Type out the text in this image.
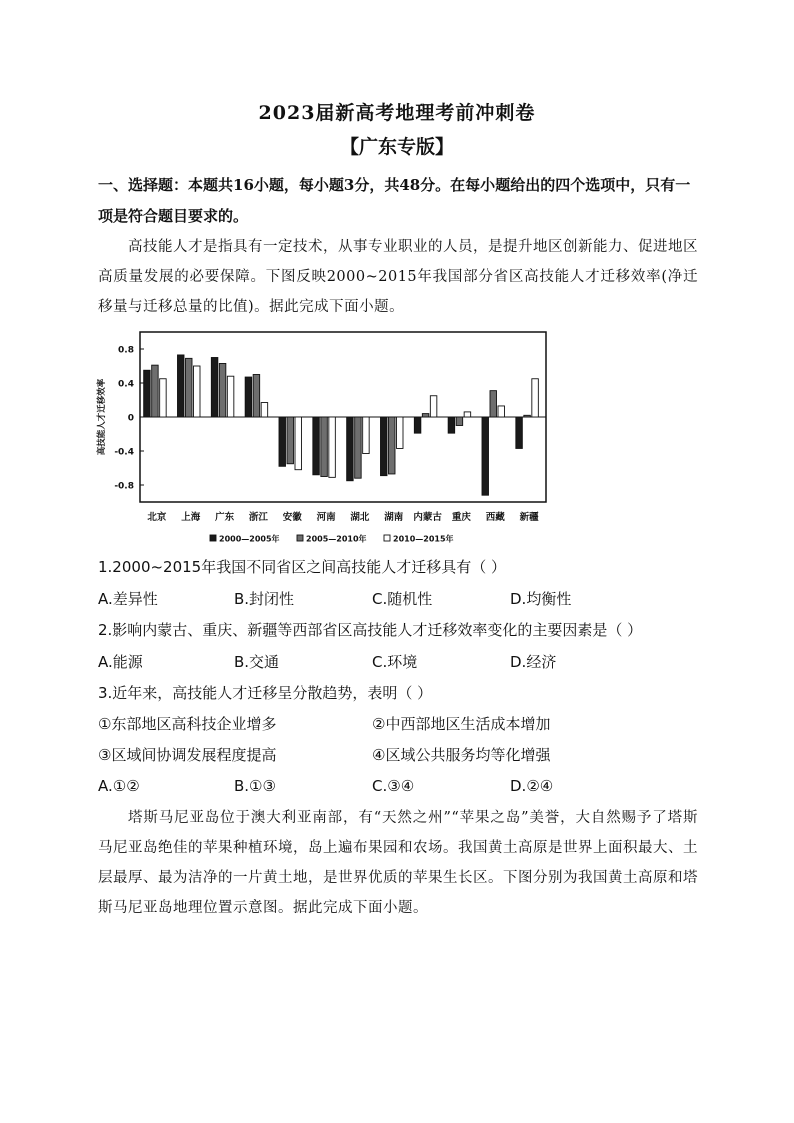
2023届新高考地理考前冲刺卷
【广东专版】
一、选择题：本题共16小题，每小题3分，共48分。在每小题给出的四个选项中，只有一项是符合题目要求的。
高技能人才是指具有一定技术，从事专业职业的人员，是提升地区创新能力、促进地区高质量发展的必要保障。下图反映2000~2015年我国部分省区高技能人才迁移效率(净迁移量与迁移总量的比值)。据此完成下面小题。
0.8
0.4
0
-0.4
-0.8
高技能人才迁移效率
北京 上海 广东 浙江 安徽 河南 湖北 湖南 内蒙古 重庆 西藏 新疆
2000—2005年	2005—2010年	2010—2015年
1.2000~2015年我国不同省区之间高技能人才迁移具有（ ）
A.差异性	B.封闭性	C.随机性	D.均衡性
2.影响内蒙古、重庆、新疆等西部省区高技能人才迁移效率变化的主要因素是（ ）
A.能源	B.交通	C.环境	D.经济
3.近年来，高技能人才迁移呈分散趋势，表明（ ）
①东部地区高科技企业增多	②中西部地区生活成本增加
③区域间协调发展程度提高	④区域公共服务均等化增强
A.①②	B.①③	C.③④	D.②④
塔斯马尼亚岛位于澳大利亚南部，有“天然之州”“苹果之岛”美誉，大自然赐予了塔斯马尼亚岛绝佳的苹果种植环境，岛上遍布果园和农场。我国黄土高原是世界上面积最大、土层最厚、最为洁净的一片黄土地，是世界优质的苹果生长区。下图分别为我国黄土高原和塔斯马尼亚岛地理位置示意图。据此完成下面小题。
